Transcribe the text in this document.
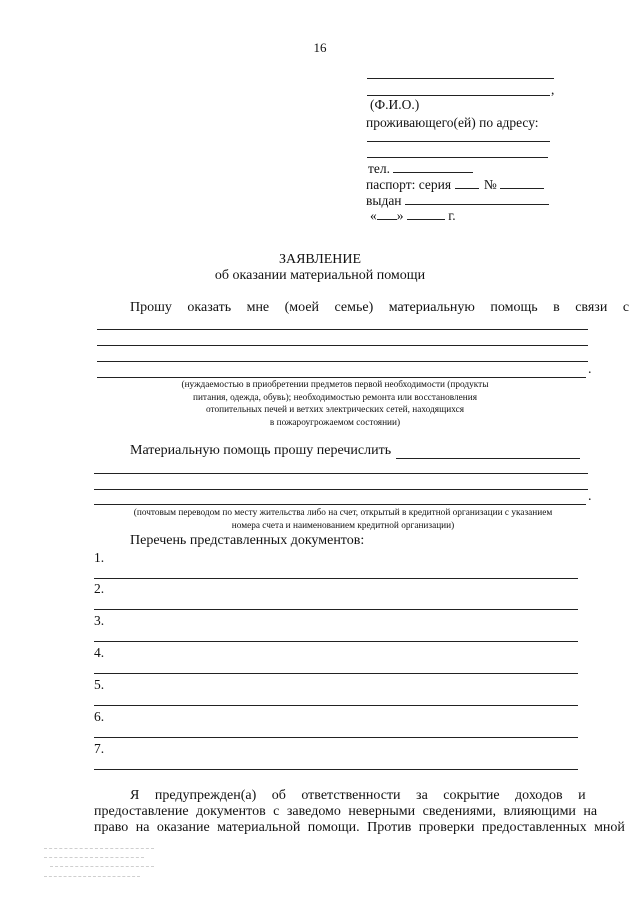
16
,
(Ф.И.О.)
проживающего(ей) по адресу:
тел.
паспорт: серия №
выдан
« »	г.
ЗАЯВЛЕНИЕ
об оказании материальной помощи
Прошу оказать мне (моей семье) материальную помощь в связи с
.
(нуждаемостью в приобретении предметов первой необходимости (продукты
питания, одежда, обувь); необходимостью ремонта или восстановления
отопительных печей и ветхих электрических сетей, находящихся
в пожароугрожаемом состоянии)
Материальную помощь прошу перечислить
.
(почтовым переводом по месту жительства либо на счет, открытый в кредитной организации с указанием
номера счета и наименованием кредитной организации)
Перечень представленных документов:
1.
2.
3.
4.
5.
6.
7.
Я предупрежден(а) об ответственности за сокрытие доходов и
предоставление документов с заведомо неверными сведениями, влияющими на
право на оказание материальной помощи. Против проверки предоставленных мной
